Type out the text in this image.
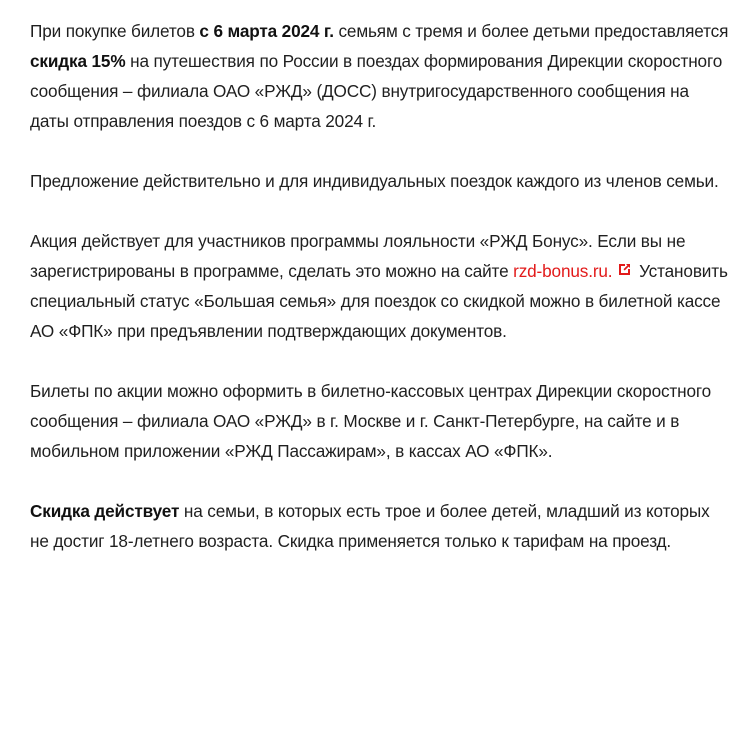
При покупке билетов с 6 марта 2024 г. семьям с тремя и более детьми предоставляется скидка 15% на путешествия по России в поездах формирования Дирекции скоростного сообщения – филиала ОАО «РЖД» (ДОСС) внутригосударственного сообщения на даты отправления поездов с 6 марта 2024 г.

Предложение действительно и для индивидуальных поездок каждого из членов семьи.

Акция действует для участников программы лояльности «РЖД Бонус». Если вы не зарегистрированы в программе, сделать это можно на сайте rzd-bonus.ru. Установить специальный статус «Большая семья» для поездок со скидкой можно в билетной кассе АО «ФПК» при предъявлении подтверждающих документов.

Билеты по акции можно оформить в билетно-кассовых центрах Дирекции скоростного сообщения – филиала ОАО «РЖД» в г. Москве и г. Санкт-Петербурге, на сайте и в мобильном приложении «РЖД Пассажирам», в кассах АО «ФПК».

Скидка действует на семьи, в которых есть трое и более детей, младший из которых не достиг 18-летнего возраста. Скидка применяется только к тарифам на проезд.
